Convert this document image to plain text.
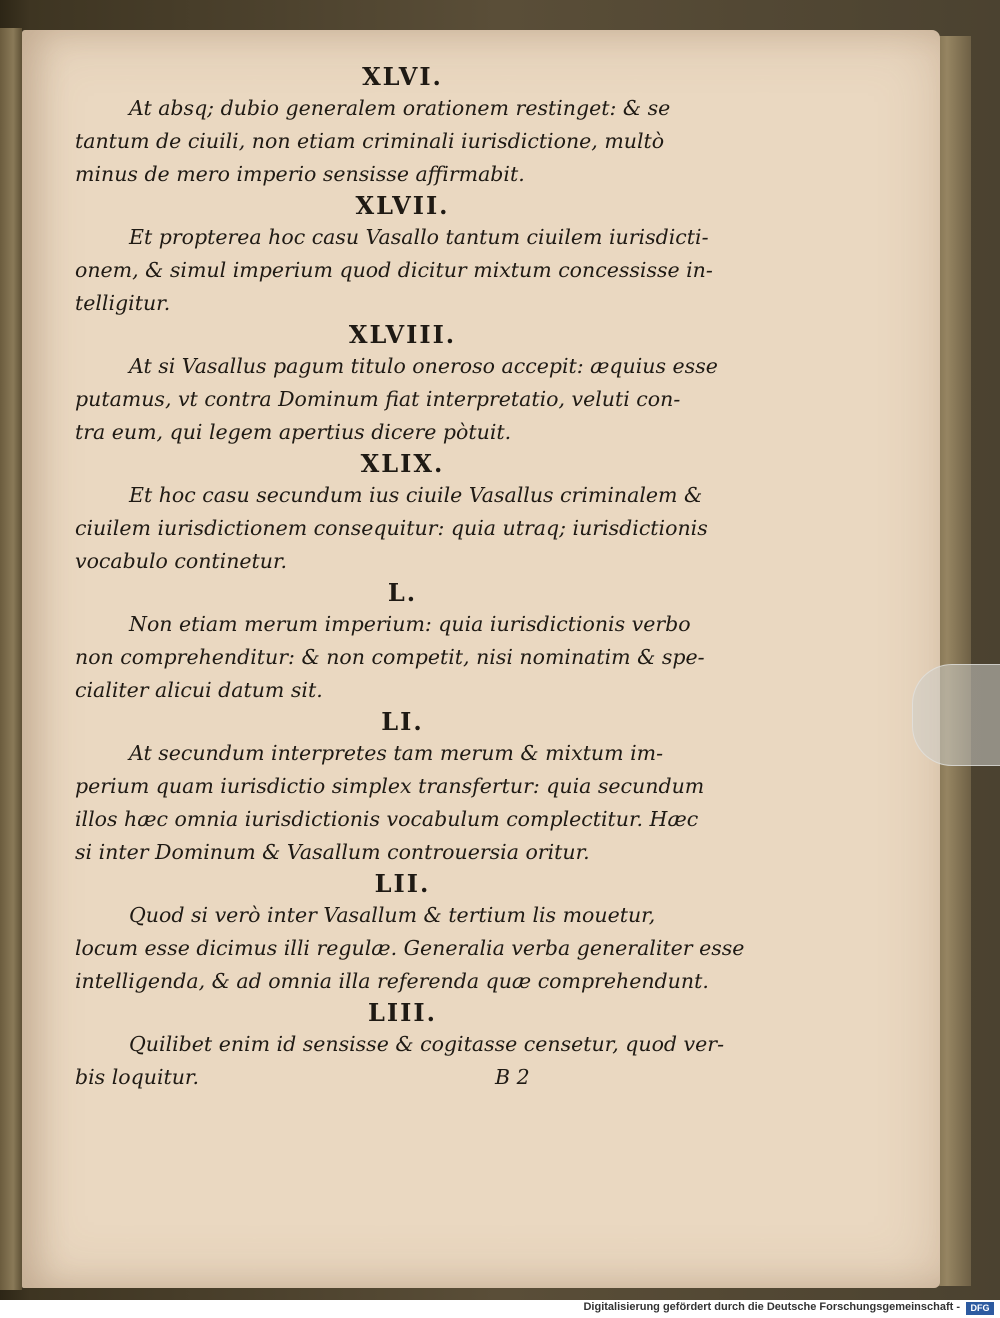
XLVI.
At absq; dubio generalem orationem restinget: & se
tantum de ciuili, non etiam criminali iurisdictione, multò
minus de mero imperio sensisse affirmabit.
XLVII.
Et propterea hoc casu Vasallo tantum ciuilem iurisdicti-
onem, & simul imperium quod dicitur mixtum concessisse in-
telligitur.
XLVIII.
At si Vasallus pagum titulo oneroso accepit: æquius esse
putamus, vt contra Dominum fiat interpretatio, veluti con-
tra eum, qui legem apertius dicere pòtuit.
XLIX.
Et hoc casu secundum ius ciuile Vasallus criminalem &
ciuilem iurisdictionem consequitur: quia utraq; iurisdictionis
vocabulo continetur.
L.
Non etiam merum imperium: quia iurisdictionis verbo
non comprehenditur: & non competit, nisi nominatim & spe-
cialiter alicui datum sit.
LI.
At secundum interpretes tam merum & mixtum im-
perium quam iurisdictio simplex transfertur: quia secundum
illos hæc omnia iurisdictionis vocabulum complectitur. Hæc
si inter Dominum & Vasallum controuersia oritur.
LII.
Quod si verò inter Vasallum & tertium lis mouetur,
locum esse dicimus illi regulæ. Generalia verba generaliter esse
intelligenda, & ad omnia illa referenda quæ comprehendunt.
LIII.
Quilibet enim id sensisse & cogitasse censetur, quod ver-
bis loquitur.	B 2
Digitalisierung gefördert durch die Deutsche Forschungsgemeinschaft -	DFG
